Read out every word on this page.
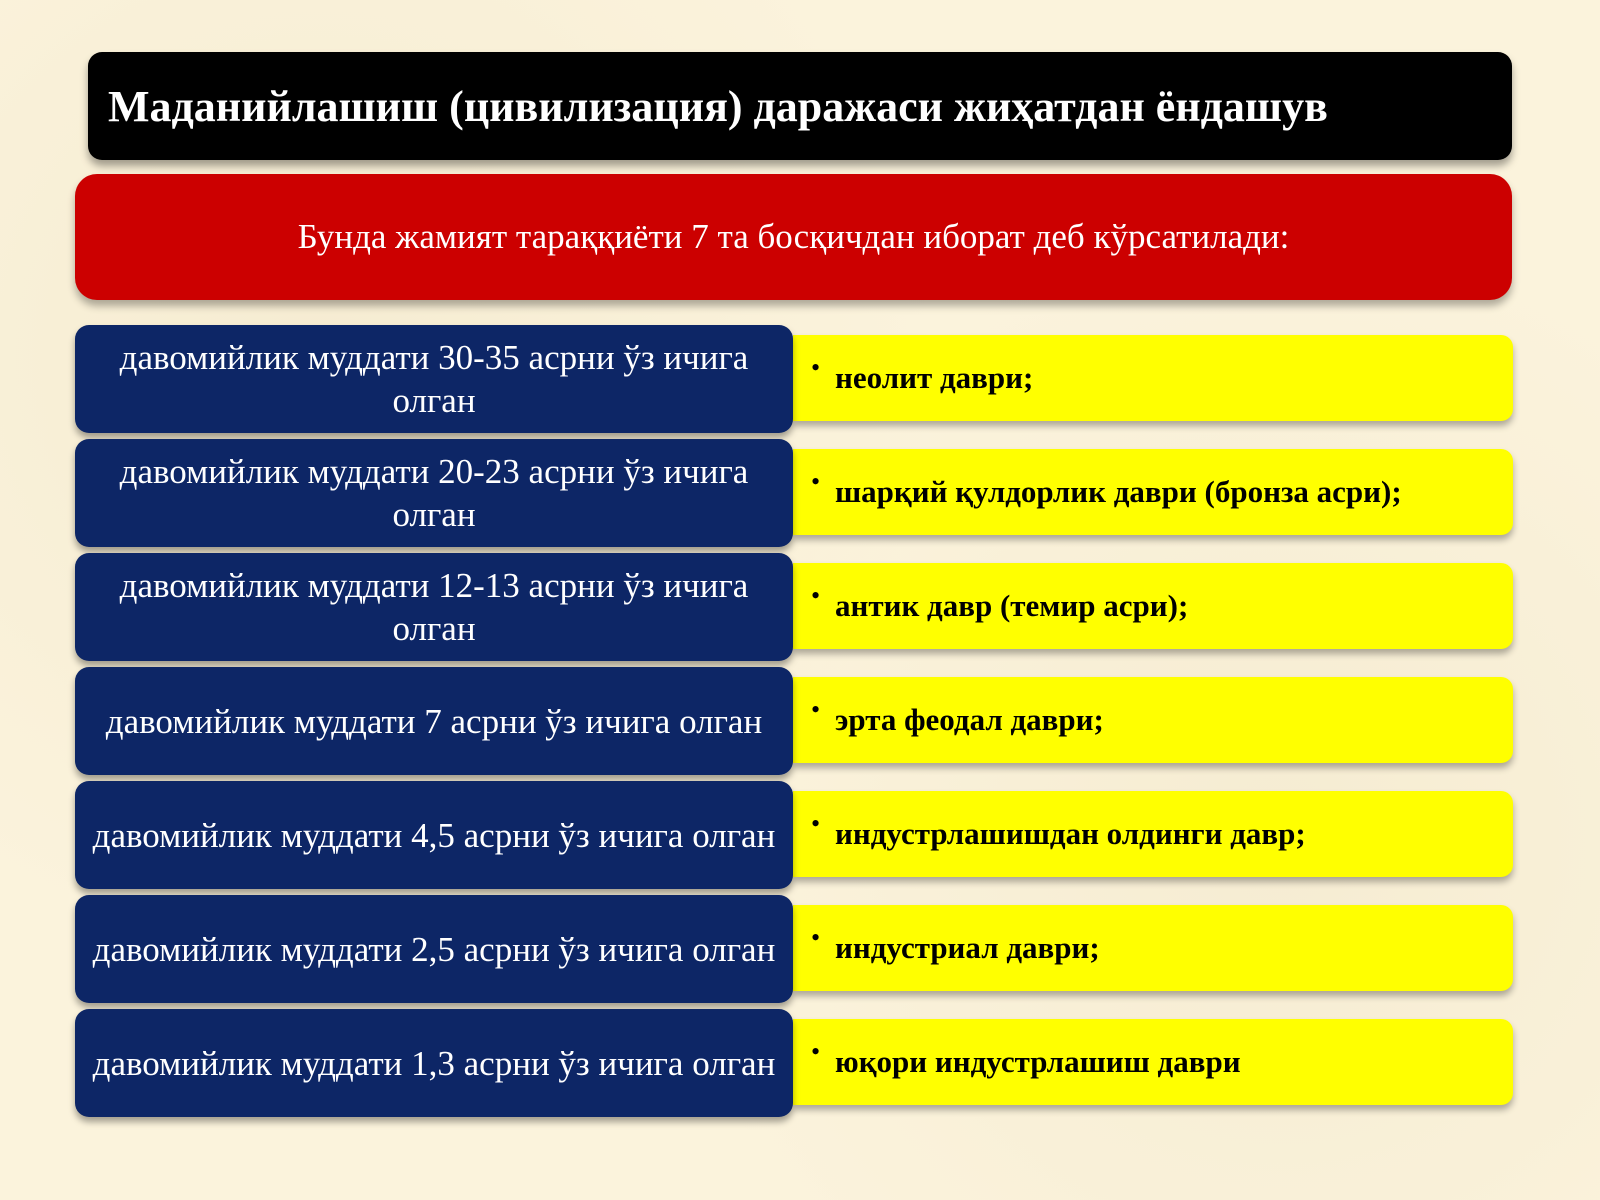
Маданийлашиш (цивилизация) даражаси жиҳатдан ёндашув
Бунда жамият тараққиёти 7 та босқичдан иборат деб кўрсатилади:
давомийлик муддати 30-35 асрни ўз ичига олган
• неолит даври;
давомийлик муддати 20-23 асрни ўз ичига олган
• шарқий қулдорлик даври (бронза асри);
давомийлик муддати 12-13 асрни ўз ичига олган
• антик давр (темир асри);
давомийлик муддати 7 асрни ўз ичига олган • эрта феодал даври;
давомийлик муддати 4,5 асрни ўз ичига олган • индустрлашишдан олдинги давр;
давомийлик муддати 2,5 асрни ўз ичига олган • индустриал даври;
давомийлик муддати 1,3 асрни ўз ичига олган • юқори индустрлашиш даври
